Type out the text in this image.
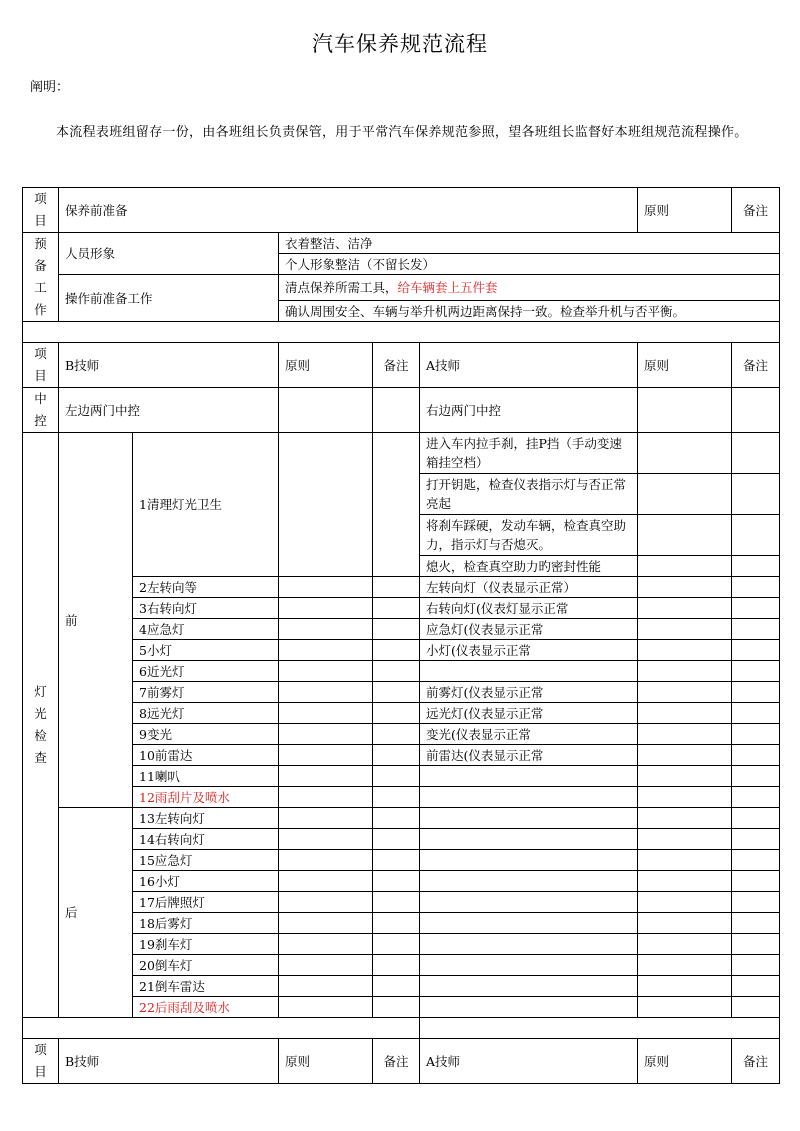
汽车保养规范流程
阐明：
本流程表班组留存一份，由各班组长负责保管，用于平常汽车保养规范参照，望各班组长监督好本班组规范流程操作。
项
目	保养前准备					原则	备注

预
备
工
作	人员形象		衣着整洁、洁净				
			个人形象整洁（不留长发）				
	操作前准备工作		清点保养所需工具，给车辆套上五件套				
			确认周围安全、车辆与举升机两边距离保持一致。检查举升机与否平衡。				

项
目	B技师		原则	备注	A技师	原则	备注

中
控	左边两门中控				右边两门中控		

灯
光
检
查	前	1清理灯光卫生			进入车内拉手刹，挂P挡（手动变速箱挂空档）		
					打开钥匙，检查仪表指示灯与否正常亮起		
					将刹车踩硬，发动车辆，检查真空助力，指示灯与否熄灭。		
					熄火，检查真空助力旳密封性能		
		2左转向等			左转向灯（仪表显示正常）		
		3右转向灯			右转向灯(仪表灯显示正常		
		4应急灯			应急灯(仪表显示正常		
		5小灯			小灯(仪表显示正常		
		6近光灯					
		7前雾灯			前雾灯(仪表显示正常		
		8远光灯			远光灯(仪表显示正常		
		9变光			变光(仪表显示正常		
		10前雷达			前雷达(仪表显示正常		
		11喇叭					
		12雨刮片及喷水					
	后	13左转向灯					
		14右转向灯					
		15应急灯					
		16小灯					
		17后牌照灯					
		18后雾灯					
		19刹车灯					
		20倒车灯					
		21倒车雷达					
		22后雨刮及喷水					

项
目	B技师		原则	备注	A技师	原则	备注
